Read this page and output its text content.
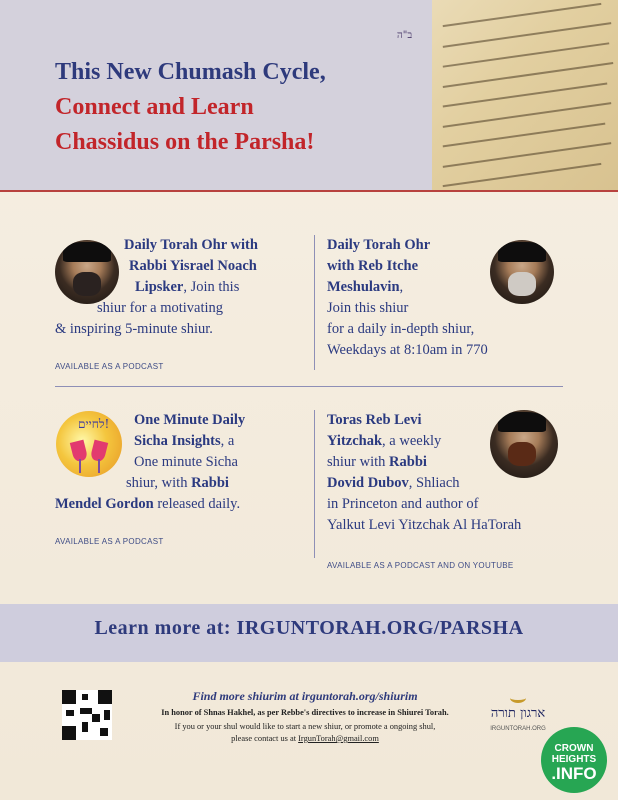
ב"ה
This New Chumash Cycle,
Connect and Learn
Chassidus on the Parsha!
Daily Torah Ohr with
Rabbi Yisrael Noach
Lipsker, Join this
shiur for a motivating
& inspiring 5-minute shiur.
AVAILABLE AS A PODCAST
Daily Torah Ohr
with Reb Itche
Meshulavin,
Join this shiur
for a daily in-depth shiur,
Weekdays at 8:10am in 770
לחיים!	One Minute Daily
Sicha Insights, a
One minute Sicha
shiur, with Rabbi
Mendel Gordon released daily.
AVAILABLE AS A PODCAST
Toras Reb Levi
Yitzchak, a weekly
shiur with Rabbi
Dovid Dubov, Shliach
in Princeton and author of
Yalkut Levi Yitzchak Al HaTorah
AVAILABLE AS A PODCAST AND ON YOUTUBE
Learn more at: IRGUNTORAH.ORG/PARSHA
Find more shiurim at irguntorah.org/shiurim
In honor of Shnas Hakhel, as per Rebbe's directives to increase in Shiurei Torah.
If you or your shul would like to start a new shiur, or promote a ongoing shul,
please contact us at IrgunTorah@gmail.com
ארגון תורה
IRGUNTORAH.ORG
CROWN HEIGHTS
.INFO
